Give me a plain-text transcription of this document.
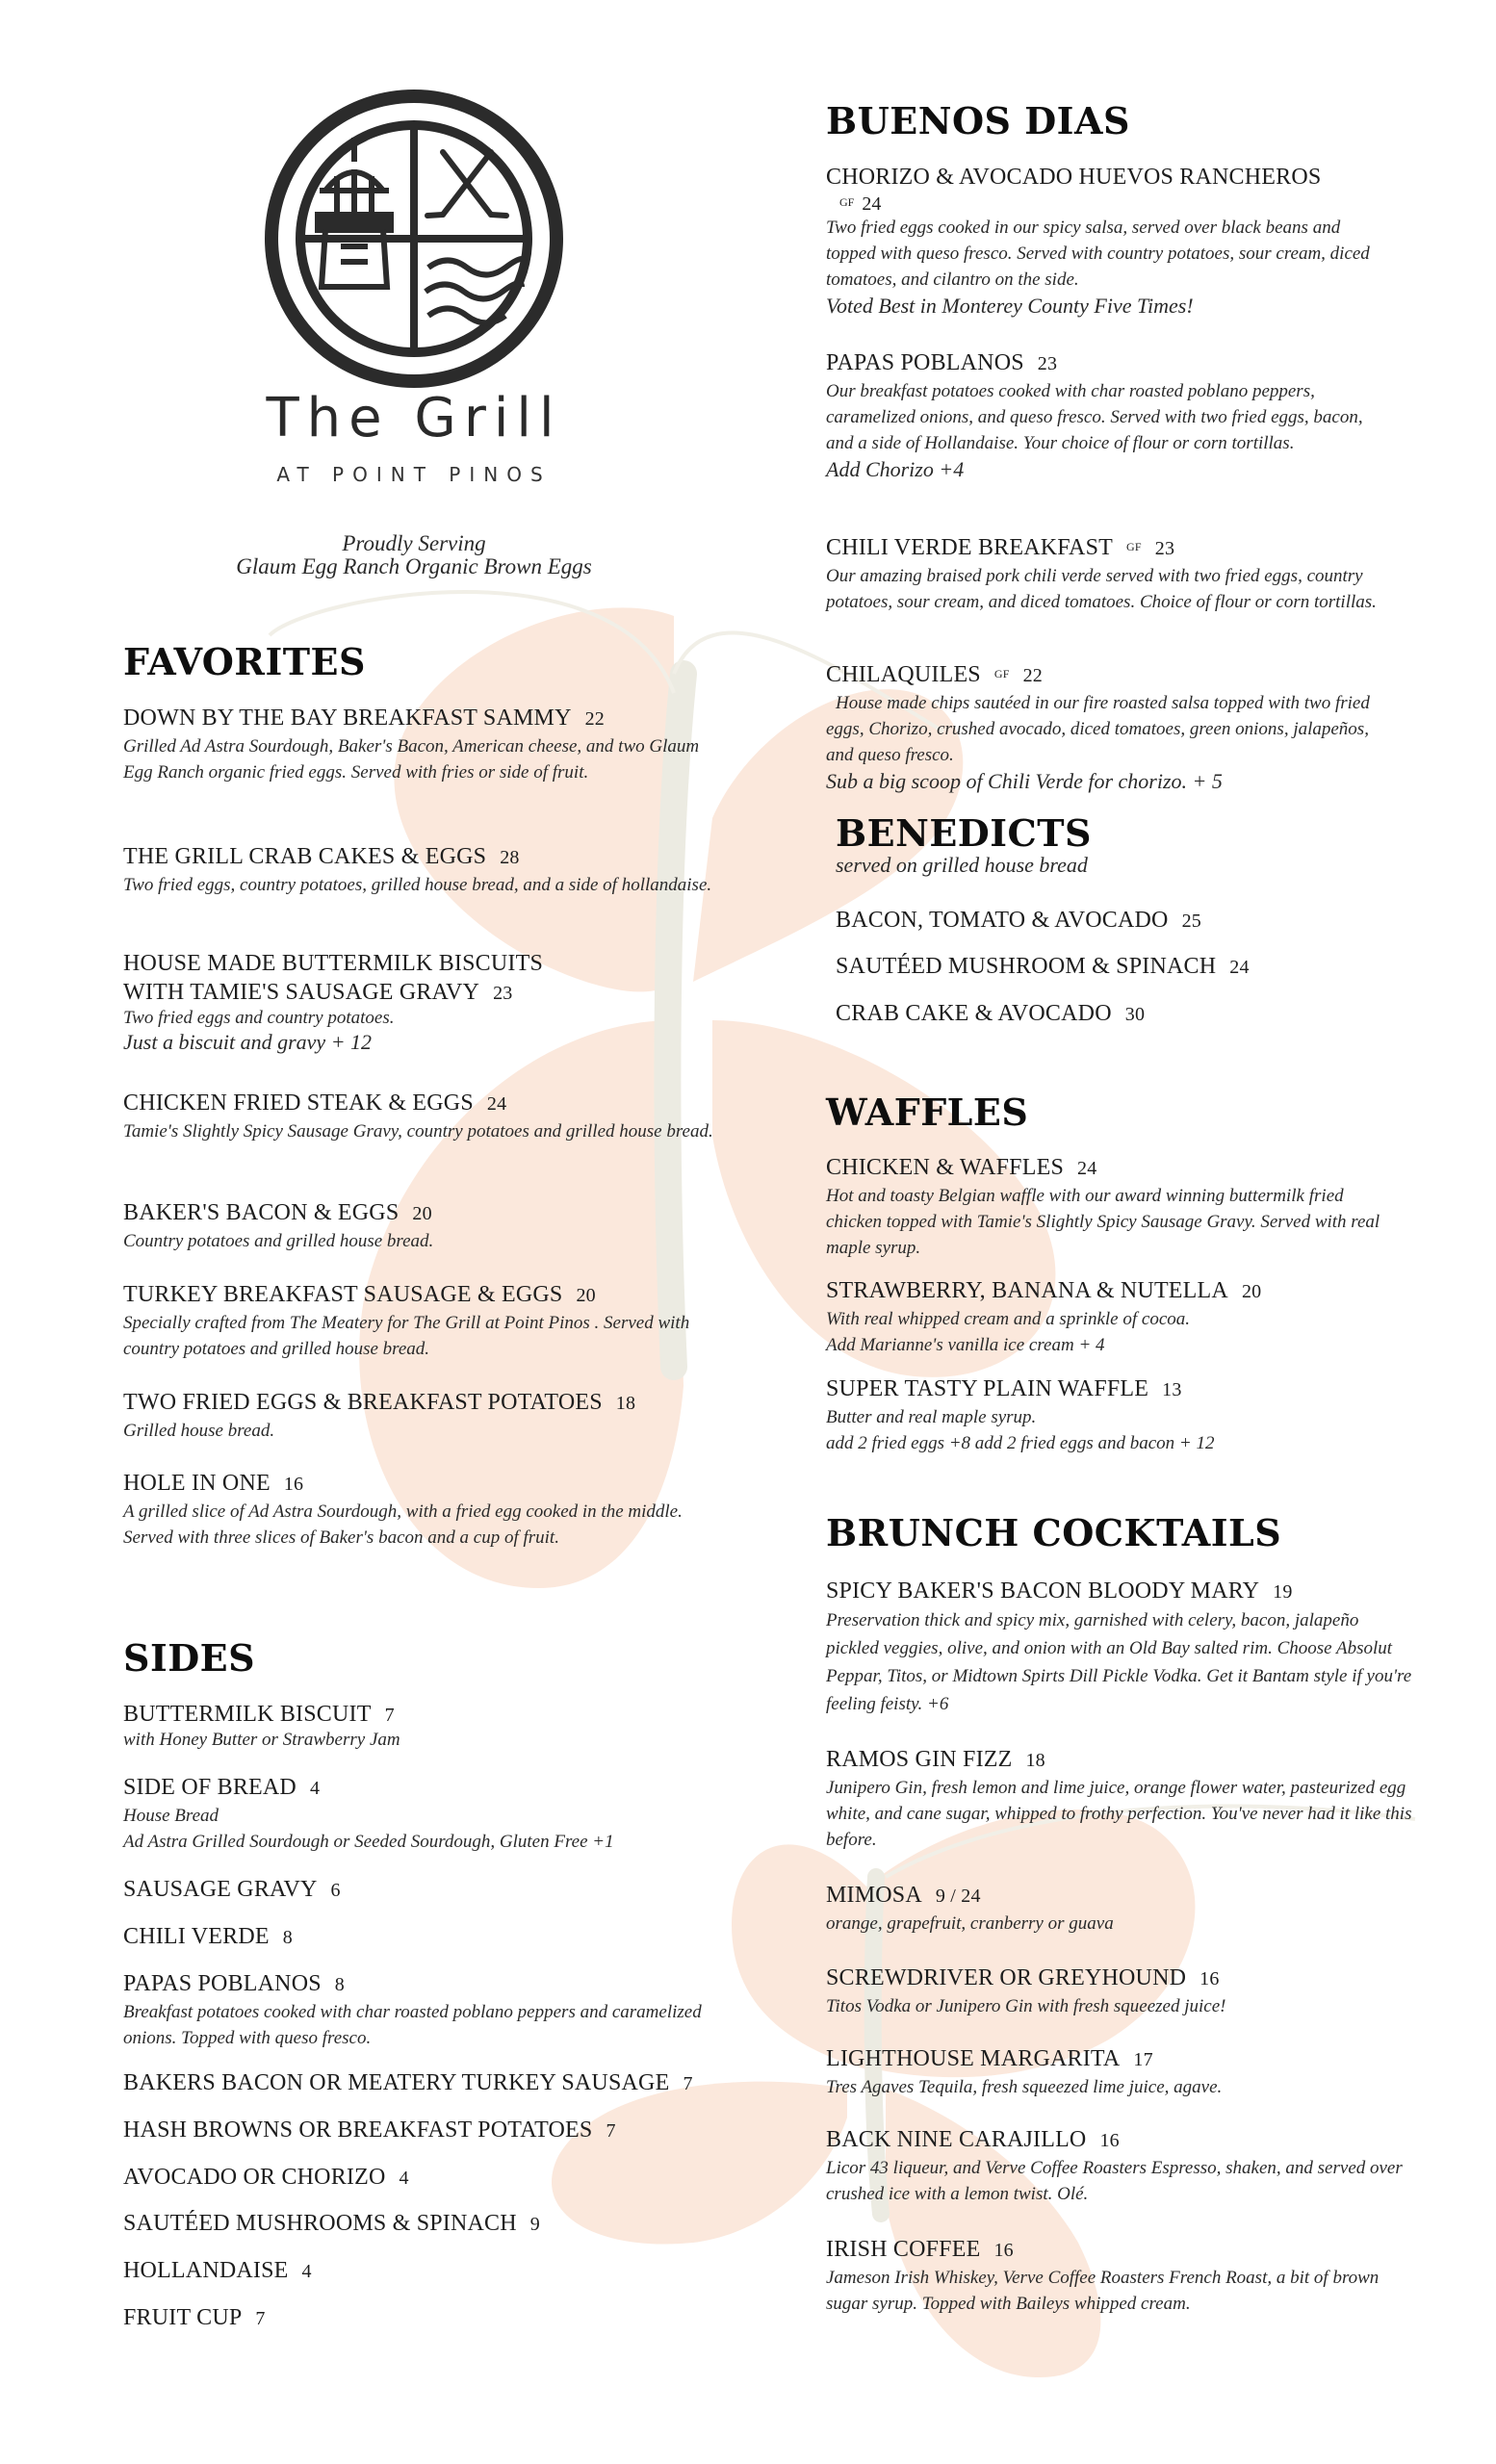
The Grill
AT POINT PINOS
Proudly Serving
Glaum Egg Ranch Organic Brown Eggs
FAVORITES
DOWN BY THE BAY BREAKFAST SAMMY 22
Grilled Ad Astra Sourdough, Baker's Bacon, American cheese, and two Glaum Egg Ranch organic fried eggs. Served with fries or side of fruit.
THE GRILL CRAB CAKES & EGGS 28
Two fried eggs, country potatoes, grilled house bread, and a side of hollandaise.
HOUSE MADE BUTTERMILK BISCUITS
WITH TAMIE'S SAUSAGE GRAVY 23
Two fried eggs and country potatoes.
Just a biscuit and gravy + 12
CHICKEN FRIED STEAK & EGGS 24
Tamie's Slightly Spicy Sausage Gravy, country potatoes and grilled house bread.
BAKER'S BACON & EGGS 20
Country potatoes and grilled house bread.
TURKEY BREAKFAST SAUSAGE & EGGS 20
Specially crafted from The Meatery for The Grill at Point Pinos . Served with country potatoes and grilled house bread.
TWO FRIED EGGS & BREAKFAST POTATOES 18
Grilled house bread.
HOLE IN ONE 16
A grilled slice of Ad Astra Sourdough, with a fried egg cooked in the middle. Served with three slices of Baker's bacon and a cup of fruit.
SIDES
BUTTERMILK BISCUIT 7
with Honey Butter or Strawberry Jam
SIDE OF BREAD 4
House Bread
Ad Astra Grilled Sourdough or Seeded Sourdough, Gluten Free +1
SAUSAGE GRAVY 6
CHILI VERDE 8
PAPAS POBLANOS 8
Breakfast potatoes cooked with char roasted poblano peppers and caramelized onions. Topped with queso fresco.
BAKERS BACON OR MEATERY TURKEY SAUSAGE 7
HASH BROWNS OR BREAKFAST POTATOES 7
AVOCADO OR CHORIZO 4
SAUTÉED MUSHROOMS & SPINACH 9
HOLLANDAISE 4
FRUIT CUP 7
BUENOS DIAS
CHORIZO & AVOCADO HUEVOS RANCHEROS
$^{GF}$ 24
Two fried eggs cooked in our spicy salsa, served over black beans and topped with queso fresco. Served with country potatoes, sour cream, diced tomatoes, and cilantro on the side.
Voted Best in Monterey County Five Times!
PAPAS POBLANOS 23
Our breakfast potatoes cooked with char roasted poblano peppers, caramelized onions, and queso fresco. Served with two fried eggs, bacon, and a side of Hollandaise. Your choice of flour or corn tortillas.
Add Chorizo +4
CHILI VERDE BREAKFAST GF 23
Our amazing braised pork chili verde served with two fried eggs, country potatoes, sour cream, and diced tomatoes. Choice of flour or corn tortillas.
CHILAQUILES GF 22
House made chips sautéed in our fire roasted salsa topped with two fried eggs, Chorizo, crushed avocado, diced tomatoes, green onions, jalapeños, and queso fresco.
Sub a big scoop of Chili Verde for chorizo. + 5
BENEDICTS
served on grilled house bread
BACON, TOMATO & AVOCADO 25
SAUTÉED MUSHROOM & SPINACH 24
CRAB CAKE & AVOCADO 30
WAFFLES
CHICKEN & WAFFLES 24
Hot and toasty Belgian waffle with our award winning buttermilk fried chicken topped with Tamie's Slightly Spicy Sausage Gravy. Served with real maple syrup.
STRAWBERRY, BANANA & NUTELLA 20
With real whipped cream and a sprinkle of cocoa.
Add Marianne's vanilla ice cream + 4
SUPER TASTY PLAIN WAFFLE 13
Butter and real maple syrup.
add 2 fried eggs +8 add 2 fried eggs and bacon + 12
BRUNCH COCKTAILS
SPICY BAKER'S BACON BLOODY MARY 19
Preservation thick and spicy mix, garnished with celery, bacon, jalapeño pickled veggies, olive, and onion with an Old Bay salted rim. Choose Absolut Peppar, Titos, or Midtown Spirts Dill Pickle Vodka. Get it Bantam style if you're feeling feisty. +6
RAMOS GIN FIZZ 18
Junipero Gin, fresh lemon and lime juice, orange flower water, pasteurized egg white, and cane sugar, whipped to frothy perfection. You've never had it like this before.
MIMOSA 9 / 24
orange, grapefruit, cranberry or guava
SCREWDRIVER OR GREYHOUND 16
Titos Vodka or Junipero Gin with fresh squeezed juice!
LIGHTHOUSE MARGARITA 17
Tres Agaves Tequila, fresh squeezed lime juice, agave.
BACK NINE CARAJILLO 16
Licor 43 liqueur, and Verve Coffee Roasters Espresso, shaken, and served over crushed ice with a lemon twist. Olé.
IRISH COFFEE 16
Jameson Irish Whiskey, Verve Coffee Roasters French Roast, a bit of brown sugar syrup. Topped with Baileys whipped cream.
